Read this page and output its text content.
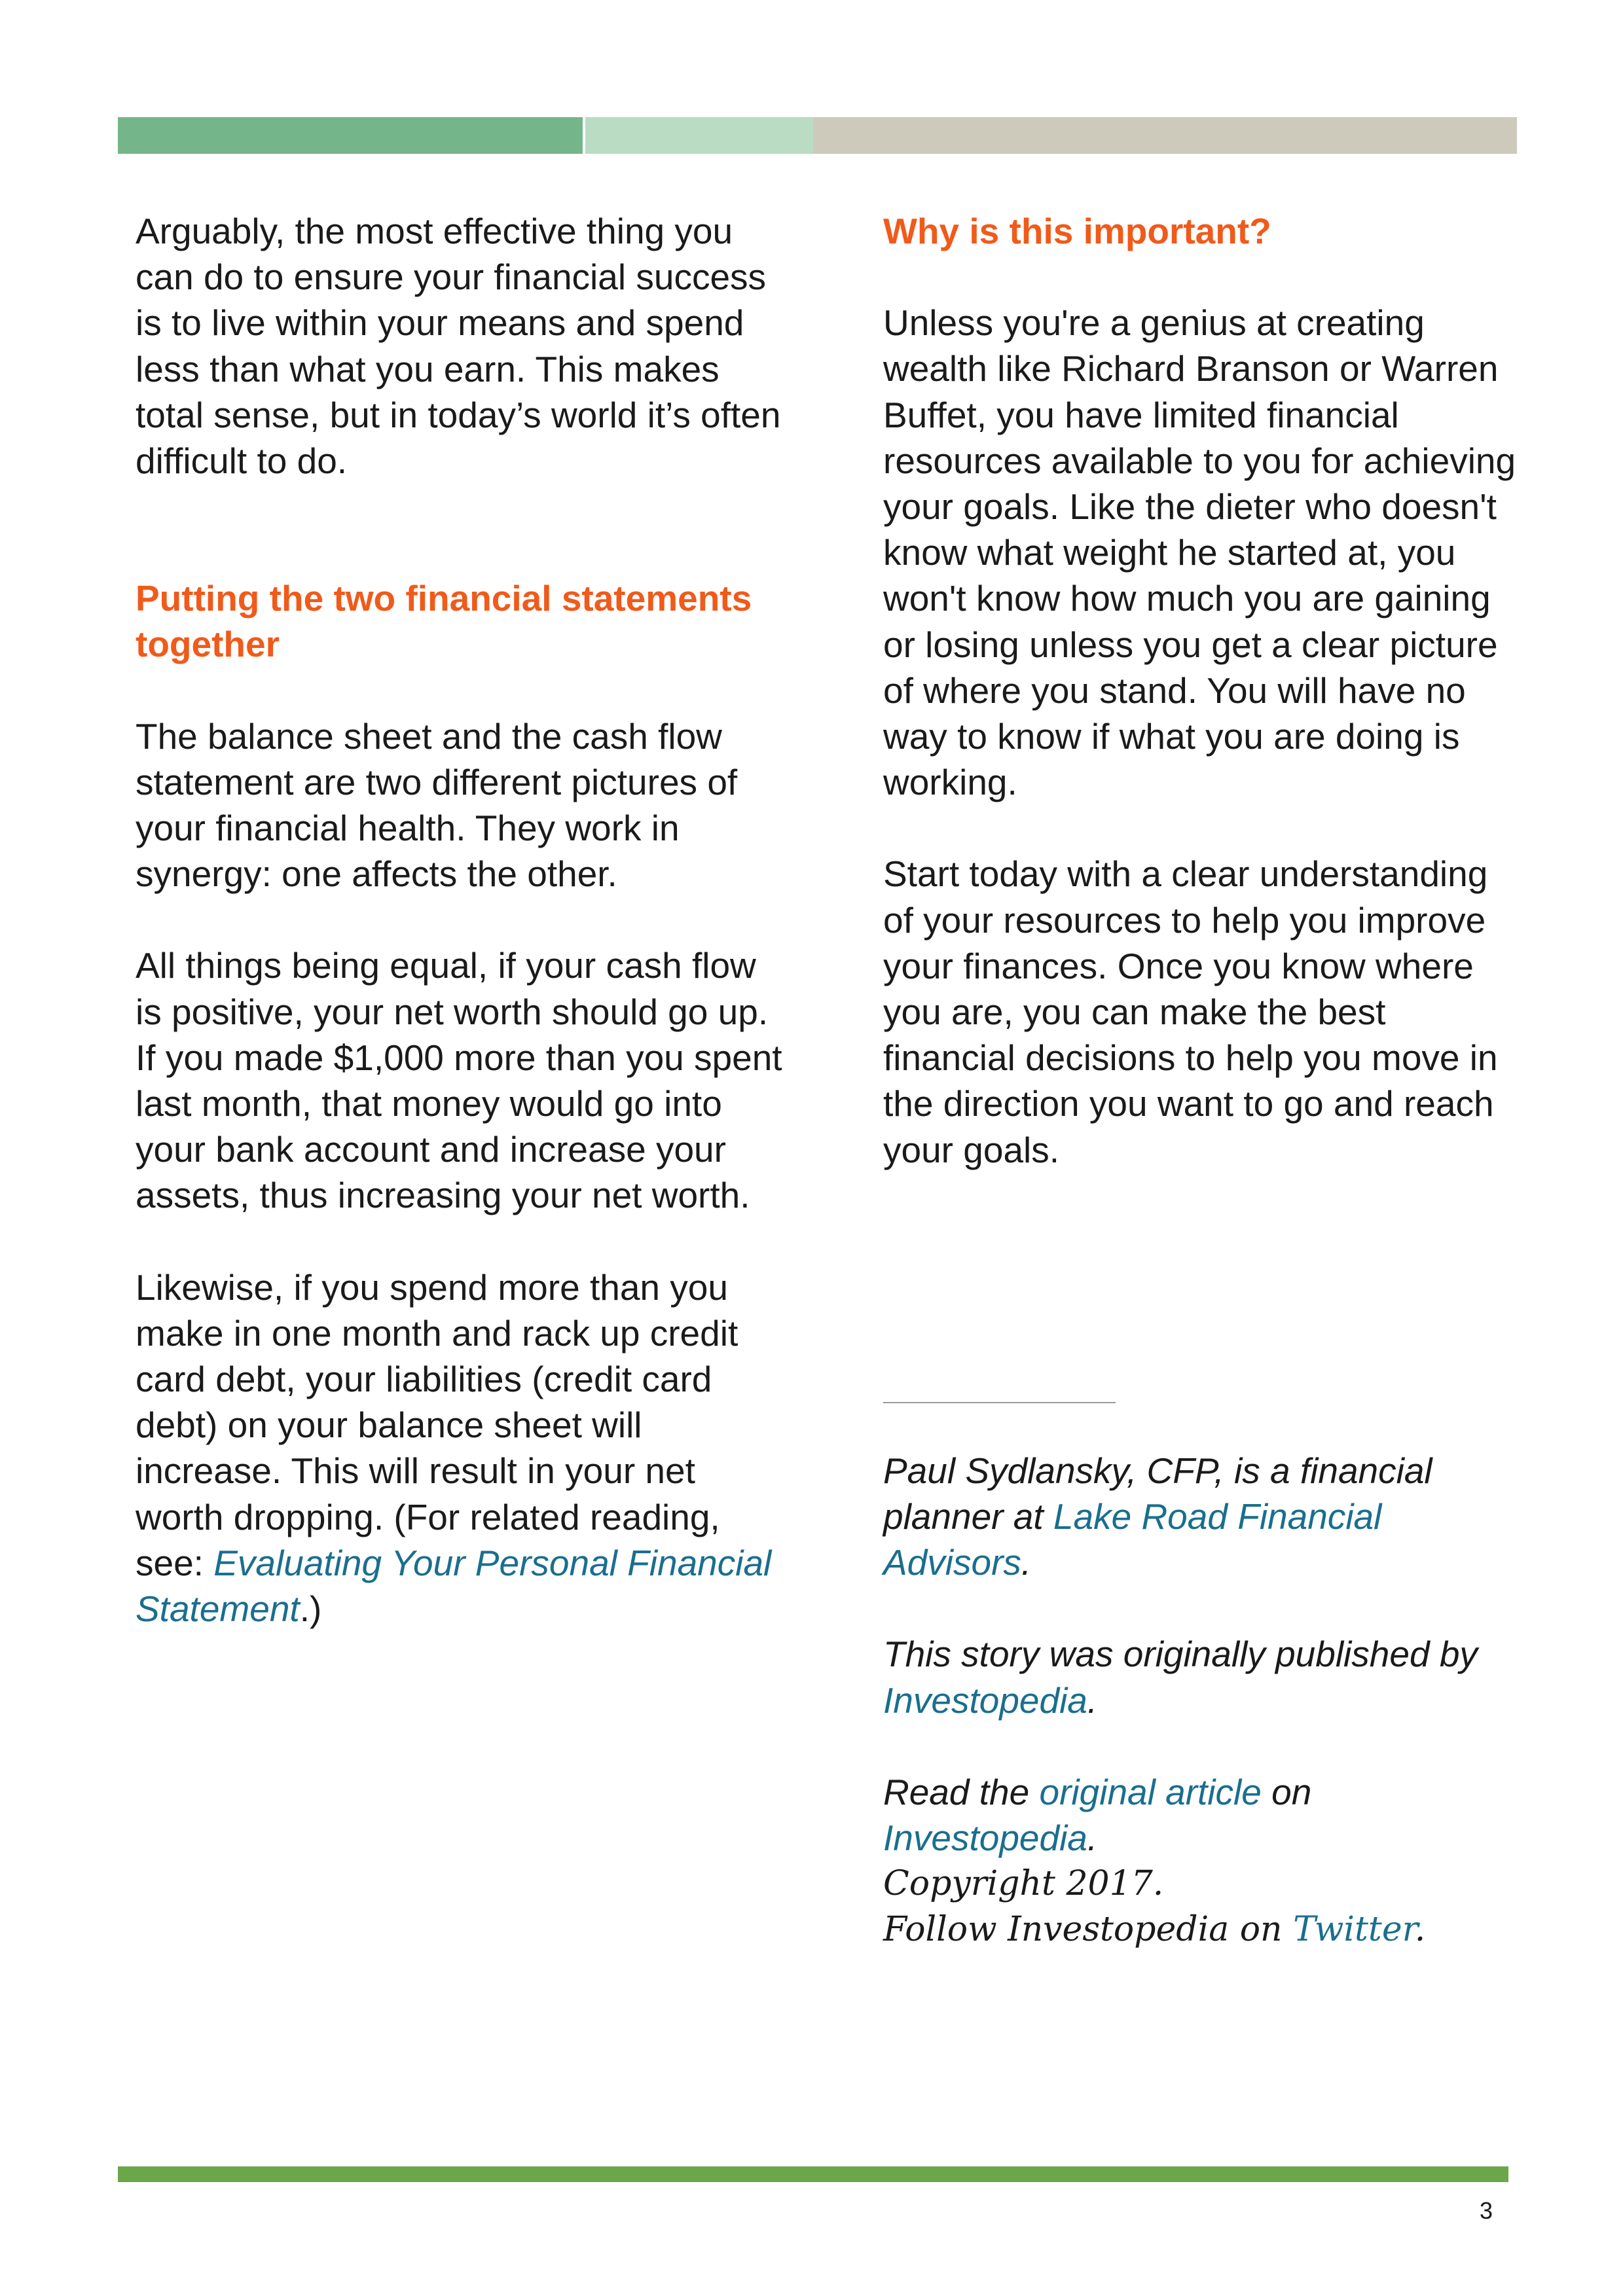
Arguably, the most effective thing you can do to ensure your financial success is to live within your means and spend less than what you earn. This makes total sense, but in today’s world it’s often difficult to do.

Putting the two financial statements together

The balance sheet and the cash flow statement are two different pictures of your financial health. They work in synergy: one affects the other.

All things being equal, if your cash flow is positive, your net worth should go up. If you made $1,000 more than you spent last month, that money would go into your bank account and increase your assets, thus increasing your net worth.

Likewise, if you spend more than you make in one month and rack up credit card debt, your liabilities (credit card debt) on your balance sheet will increase. This will result in your net worth dropping. (For related reading, see: Evaluating Your Personal Financial Statement.)

Why is this important?

Unless you're a genius at creating wealth like Richard Branson or Warren Buffet, you have limited financial resources available to you for achieving your goals. Like the dieter who doesn't know what weight he started at, you won't know how much you are gaining or losing unless you get a clear picture of where you stand. You will have no way to know if what you are doing is working.

Start today with a clear understanding of your resources to help you improve your finances. Once you know where you are, you can make the best financial decisions to help you move in the direction you want to go and reach your goals.

Paul Sydlansky, CFP, is a financial planner at Lake Road Financial Advisors.

This story was originally published by Investopedia.

Read the original article on Investopedia.

Copyright 2017.

Follow Investopedia on Twitter.

3
